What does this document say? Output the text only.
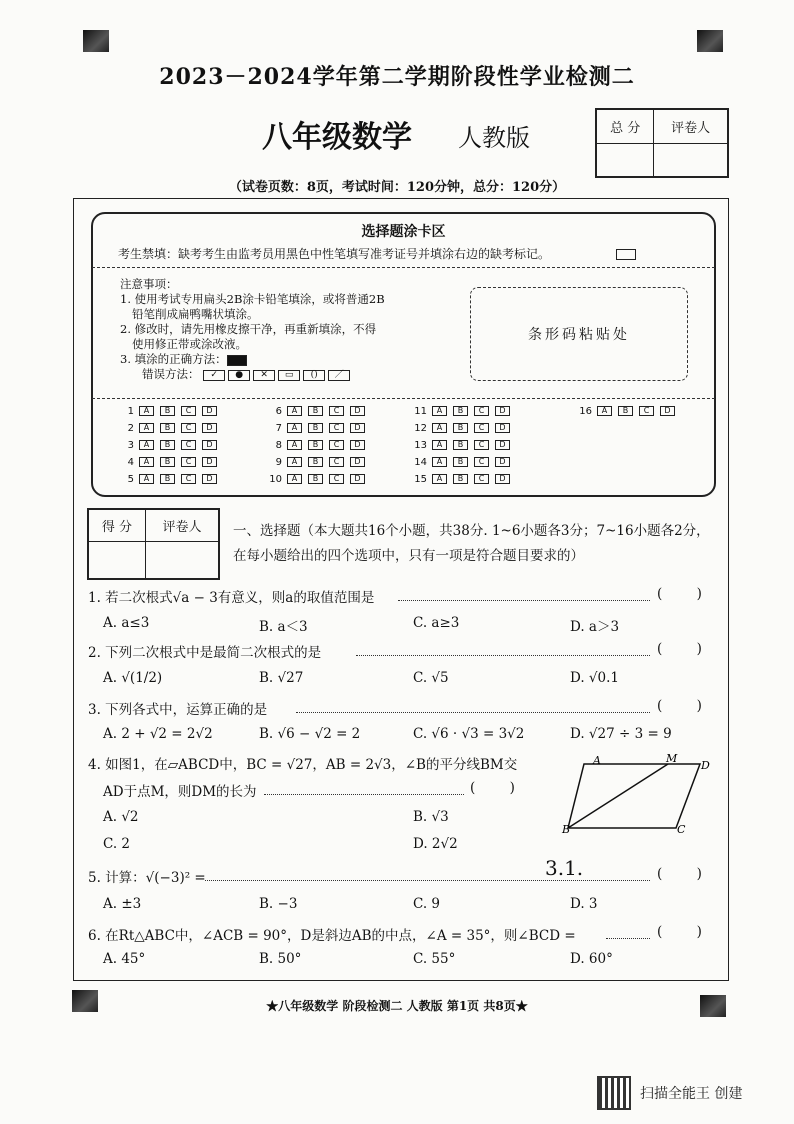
2023－2024学年第二学期阶段性学业检测二
八年级数学 人教版	总 分	评卷人

（试卷页数：8页，考试时间：120分钟，总分：120分）
选择题涂卡区
考生禁填：缺考考生由监考员用黑色中性笔填写准考证号并填涂右边的缺考标记。
注意事项：
1. 使用考试专用扁头2B涂卡铅笔填涂，或将普通2B
铅笔削成扁鸭嘴状填涂。
2. 修改时，请先用橡皮擦干净，再重新填涂，不得
使用修正带或涂改液。
3. 填涂的正确方法：
错误方法： ✓ ● ✕ ▭ () ／
条形码粘贴处
1 A B C D
2 A B C D
3 A B C D
4 A B C D
5 A B C D
6 A B C D
7 A B C D
8 A B C D
9 A B C D
10 A B C D
11 A B C D
12 A B C D
13 A B C D
14 A B C D
15 A B C D
16 A B C D
得 分	评卷人
	一、选择题（本大题共16个小题，共38分. 1~6小题各3分；7~16小题各2分，在每小题给出的四个选项中，只有一项是符合题目要求的）
1. 若二次根式√a − 3有意义，则a的取值范围是	(        )
A. a≤3	B. a＜3	C. a≥3	D. a＞3
2. 下列二次根式中是最简二次根式的是	(        )
A. √(1/2)	B. √27	C. √5	D. √0.1
3. 下列各式中，运算正确的是	(        )
A. 2 + √2 = 2√2	B. √6 − √2 = 2	C. √6 · √3 = 3√2	D. √27 ÷ 3 = 9
4. 如图1，在▱ABCD中，BC = √27，AB = 2√3，∠B的平分线BM交
AD于点M，则DM的长为	(        )
A. √2	B. √3
C. 2	D. 2√2
A	M
D
B	C
5. 计算：√(−3)² =	3.1.	(        )
A. ±3	B. −3	C. 9	D. 3
6. 在Rt△ABC中，∠ACB = 90°，D是斜边AB的中点，∠A = 35°，则∠BCD =	(        )
A. 45°	B. 50°	C. 55°	D. 60°
★八年级数学 阶段检测二 人教版 第1页 共8页★
扫描全能王 创建
